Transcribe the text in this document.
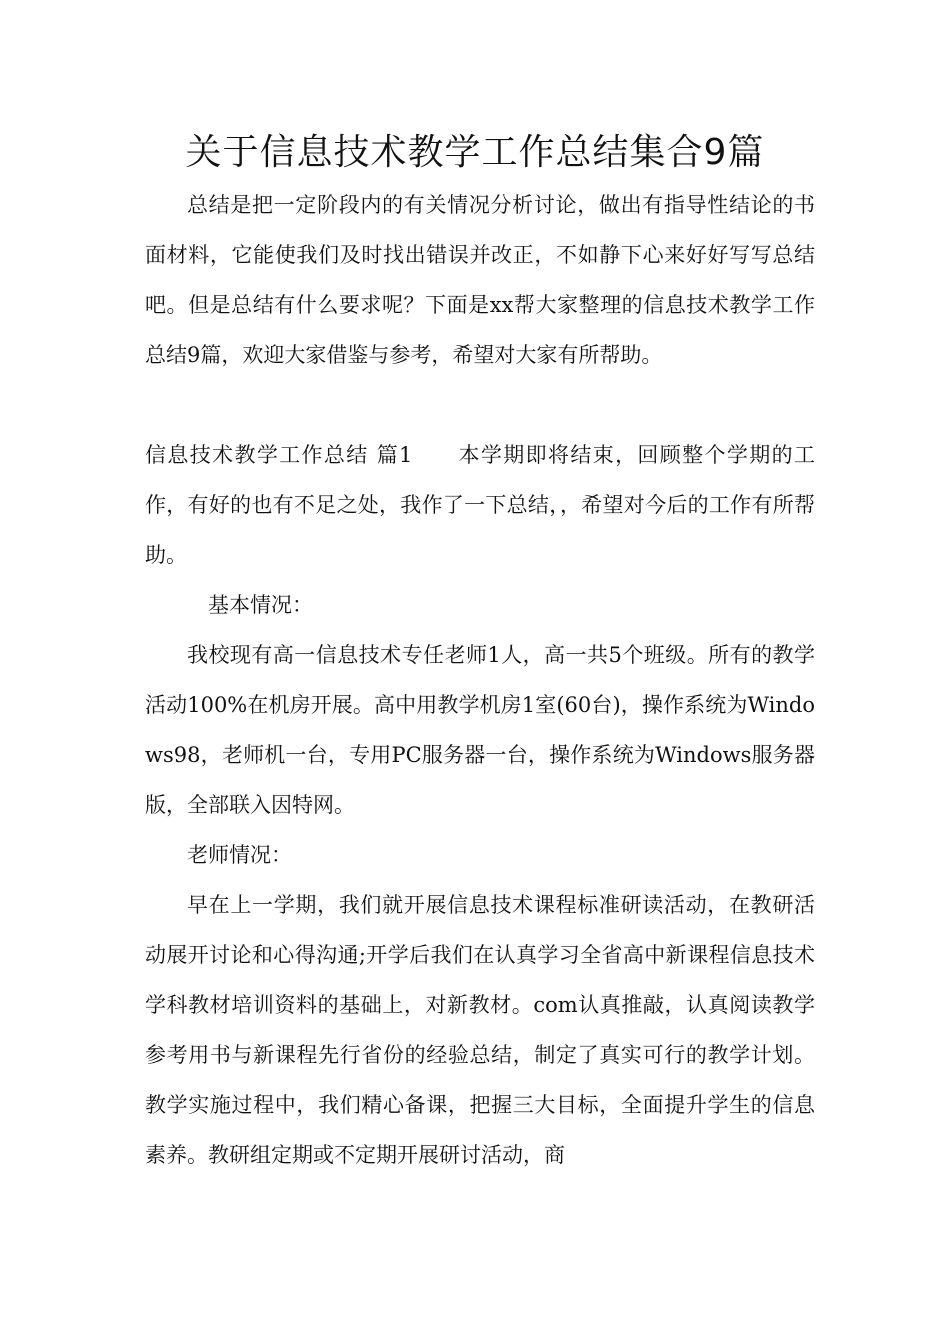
关于信息技术教学工作总结集合9篇

总结是把一定阶段内的有关情况分析讨论，做出有指导性结论的书面材料，它能使我们及时找出错误并改正，不如静下心来好好写写总结吧。但是总结有什么要求呢？下面是xx帮大家整理的信息技术教学工作总结9篇，欢迎大家借鉴与参考，希望对大家有所帮助。

信息技术教学工作总结 篇1　　本学期即将结束，回顾整个学期的工作，有好的也有不足之处，我作了一下总结，，希望对今后的工作有所帮助。

基本情况：

我校现有高一信息技术专任老师1人，高一共5个班级。所有的教学活动100%在机房开展。高中用教学机房1室(60台)，操作系统为Windows98，老师机一台，专用PC服务器一台，操作系统为Windows服务器版，全部联入因特网。

老师情况：

早在上一学期，我们就开展信息技术课程标准研读活动，在教研活动展开讨论和心得沟通;开学后我们在认真学习全省高中新课程信息技术学科教材培训资料的基础上，对新教材。com认真推敲，认真阅读教学参考用书与新课程先行省份的经验总结，制定了真实可行的教学计划。教学实施过程中，我们精心备课，把握三大目标，全面提升学生的信息素养。教研组定期或不定期开展研讨活动，商
